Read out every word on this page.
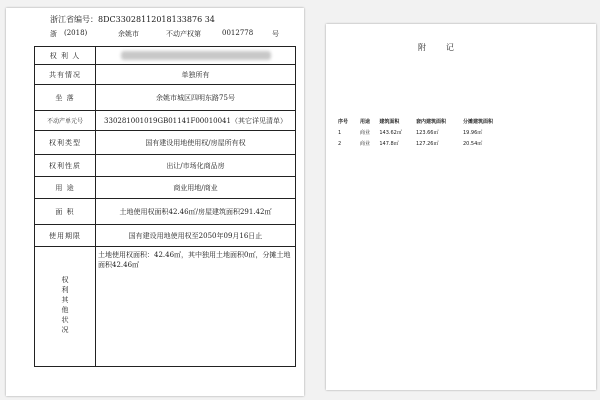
浙江省编号：8DC33028112018133876 34
浙 (2018)	余姚市	不动产权第	0012778	号
权 利 人	
共有情况	单独所有
坐 落	余姚市城区四明东路75号
不动产单元号	330281001019GB01141F00010041（其它详见清单）
权利类型	国有建设用地使用权/房屋所有权
权利性质	出让/市场化商品房
用 途	商业用地/商业
面 积	土地使用权面积42.46㎡/房屋建筑面积291.42㎡
使用期限	国有建设用地使用权至2050年09月16日止
权利其他状况	土地使用权面积：42.46㎡，其中独用土地面积0㎡，分摊土地面积42.46㎡
附记
序号	用途	建筑面积	套内建筑面积	分摊建筑面积
1	商业	143.62㎡	123.66㎡	19.96㎡
2	商业	147.8㎡	127.26㎡	20.54㎡
